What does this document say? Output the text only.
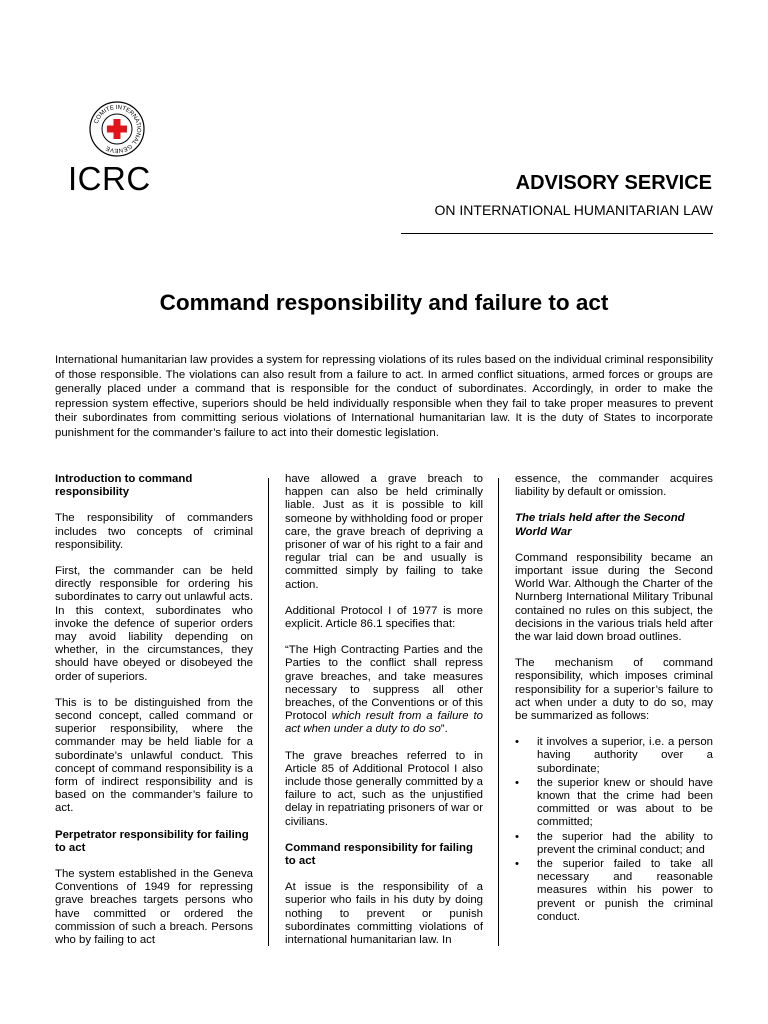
COMITE INTERNATIONAL GENEVE
ICRC	ADVISORY SERVICE
ON INTERNATIONAL HUMANITARIAN LAW
Command responsibility and failure to act

International humanitarian law provides a system for repressing violations of its rules based on the individual criminal responsibility of those responsible. The violations can also result from a failure to act. In armed conflict situations, armed forces or groups are generally placed under a command that is responsible for the conduct of subordinates. Accordingly, in order to make the repression system effective, superiors should be held individually responsible when they fail to take proper measures to prevent their subordinates from committing serious violations of International humanitarian law. It is the duty of States to incorporate punishment for the commander’s failure to act into their domestic legislation.

Introduction to command responsibility

The responsibility of commanders includes two concepts of criminal responsibility.

First, the commander can be held directly responsible for ordering his subordinates to carry out unlawful acts. In this context, subordinates who invoke the defence of superior orders may avoid liability depending on whether, in the circumstances, they should have obeyed or disobeyed the order of superiors.

This is to be distinguished from the second concept, called command or superior responsibility, where the commander may be held liable for a subordinate’s unlawful conduct. This concept of command responsibility is a form of indirect responsibility and is based on the commander’s failure to act.

Perpetrator responsibility for failing to act

The system established in the Geneva Conventions of 1949 for repressing grave breaches targets persons who have committed or ordered the commission of such a breach. Persons who by failing to act

have allowed a grave breach to happen can also be held criminally liable. Just as it is possible to kill someone by withholding food or proper care, the grave breach of depriving a prisoner of war of his right to a fair and regular trial can be and usually is committed simply by failing to take action.

Additional Protocol I of 1977 is more explicit. Article 86.1 specifies that:

“The High Contracting Parties and the Parties to the conflict shall repress grave breaches, and take measures necessary to suppress all other breaches, of the Conventions or of this Protocol which result from a failure to act when under a duty to do so”.

The grave breaches referred to in Article 85 of Additional Protocol I also include those generally committed by a failure to act, such as the unjustified delay in repatriating prisoners of war or civilians.

Command responsibility for failing to act

At issue is the responsibility of a superior who fails in his duty by doing nothing to prevent or punish subordinates committing violations of international humanitarian law. In

essence, the commander acquires liability by default or omission.

The trials held after the Second World War

Command responsibility became an important issue during the Second World War. Although the Charter of the Nurnberg International Military Tribunal contained no rules on this subject, the decisions in the various trials held after the war laid down broad outlines.

The mechanism of command responsibility, which imposes criminal responsibility for a superior’s failure to act when under a duty to do so, may be summarized as follows:

• it involves a superior, i.e. a person having authority over a subordinate;
• the superior knew or should have known that the crime had been committed or was about to be committed;
• the superior had the ability to prevent the criminal conduct; and
• the superior failed to take all necessary and reasonable measures within his power to prevent or punish the criminal conduct.
